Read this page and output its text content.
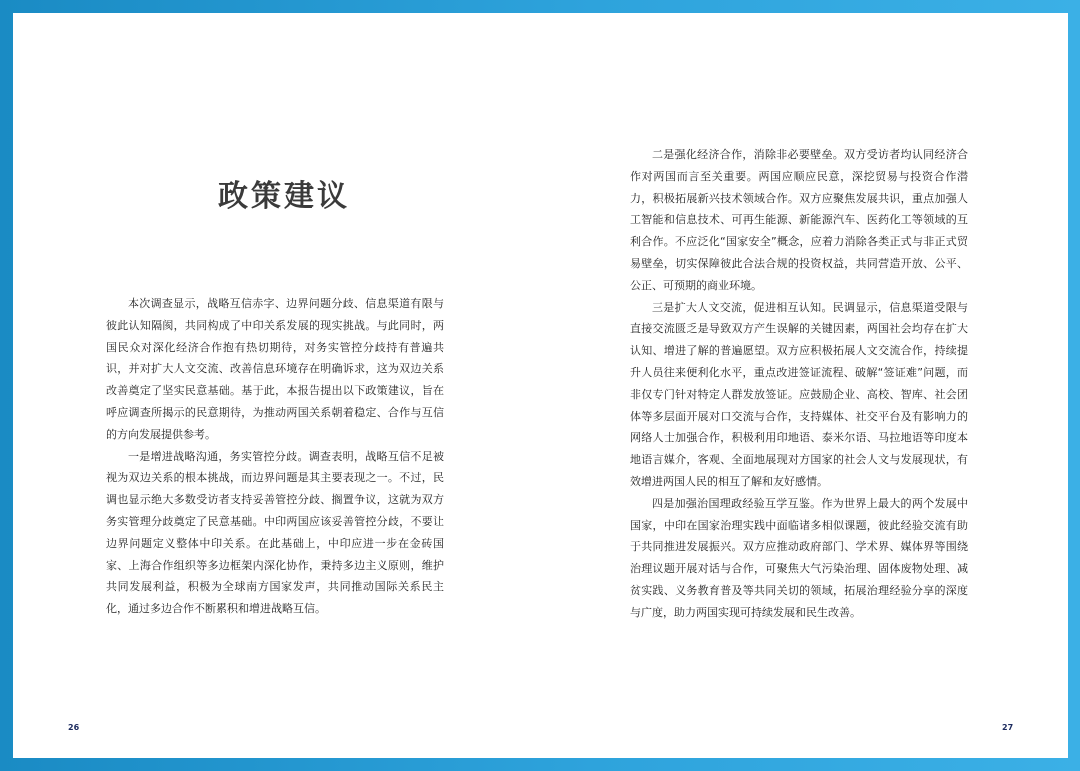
政策建议

本次调查显示，战略互信赤字、边界问题分歧、信息渠道有限与彼此认知隔阂，共同构成了中印关系发展的现实挑战。与此同时，两国民众对深化经济合作抱有热切期待，对务实管控分歧持有普遍共识，并对扩大人文交流、改善信息环境存在明确诉求，这为双边关系改善奠定了坚实民意基础。基于此，本报告提出以下政策建议，旨在呼应调查所揭示的民意期待，为推动两国关系朝着稳定、合作与互信的方向发展提供参考。

一是增进战略沟通，务实管控分歧。调查表明，战略互信不足被视为双边关系的根本挑战，而边界问题是其主要表现之一。不过，民调也显示绝大多数受访者支持妥善管控分歧、搁置争议，这就为双方务实管理分歧奠定了民意基础。中印两国应该妥善管控分歧，不要让边界问题定义整体中印关系。在此基础上，中印应进一步在金砖国家、上海合作组织等多边框架内深化协作，秉持多边主义原则，维护共同发展利益，积极为全球南方国家发声，共同推动国际关系民主化，通过多边合作不断累积和增进战略互信。

26

二是强化经济合作，消除非必要壁垒。双方受访者均认同经济合作对两国而言至关重要。两国应顺应民意，深挖贸易与投资合作潜力，积极拓展新兴技术领域合作。双方应聚焦发展共识，重点加强人工智能和信息技术、可再生能源、新能源汽车、医药化工等领域的互利合作。不应泛化“国家安全”概念，应着力消除各类正式与非正式贸易壁垒，切实保障彼此合法合规的投资权益，共同营造开放、公平、公正、可预期的商业环境。

三是扩大人文交流，促进相互认知。民调显示，信息渠道受限与直接交流匮乏是导致双方产生误解的关键因素，两国社会均存在扩大认知、增进了解的普遍愿望。双方应积极拓展人文交流合作，持续提升人员往来便利化水平，重点改进签证流程、破解“签证难”问题，而非仅专门针对特定人群发放签证。应鼓励企业、高校、智库、社会团体等多层面开展对口交流与合作，支持媒体、社交平台及有影响力的网络人士加强合作，积极利用印地语、泰米尔语、马拉地语等印度本地语言媒介，客观、全面地展现对方国家的社会人文与发展现状，有效增进两国人民的相互了解和友好感情。

四是加强治国理政经验互学互鉴。作为世界上最大的两个发展中国家，中印在国家治理实践中面临诸多相似课题，彼此经验交流有助于共同推进发展振兴。双方应推动政府部门、学术界、媒体界等围绕治理议题开展对话与合作，可聚焦大气污染治理、固体废物处理、减贫实践、义务教育普及等共同关切的领域，拓展治理经验分享的深度与广度，助力两国实现可持续发展和民生改善。

27
